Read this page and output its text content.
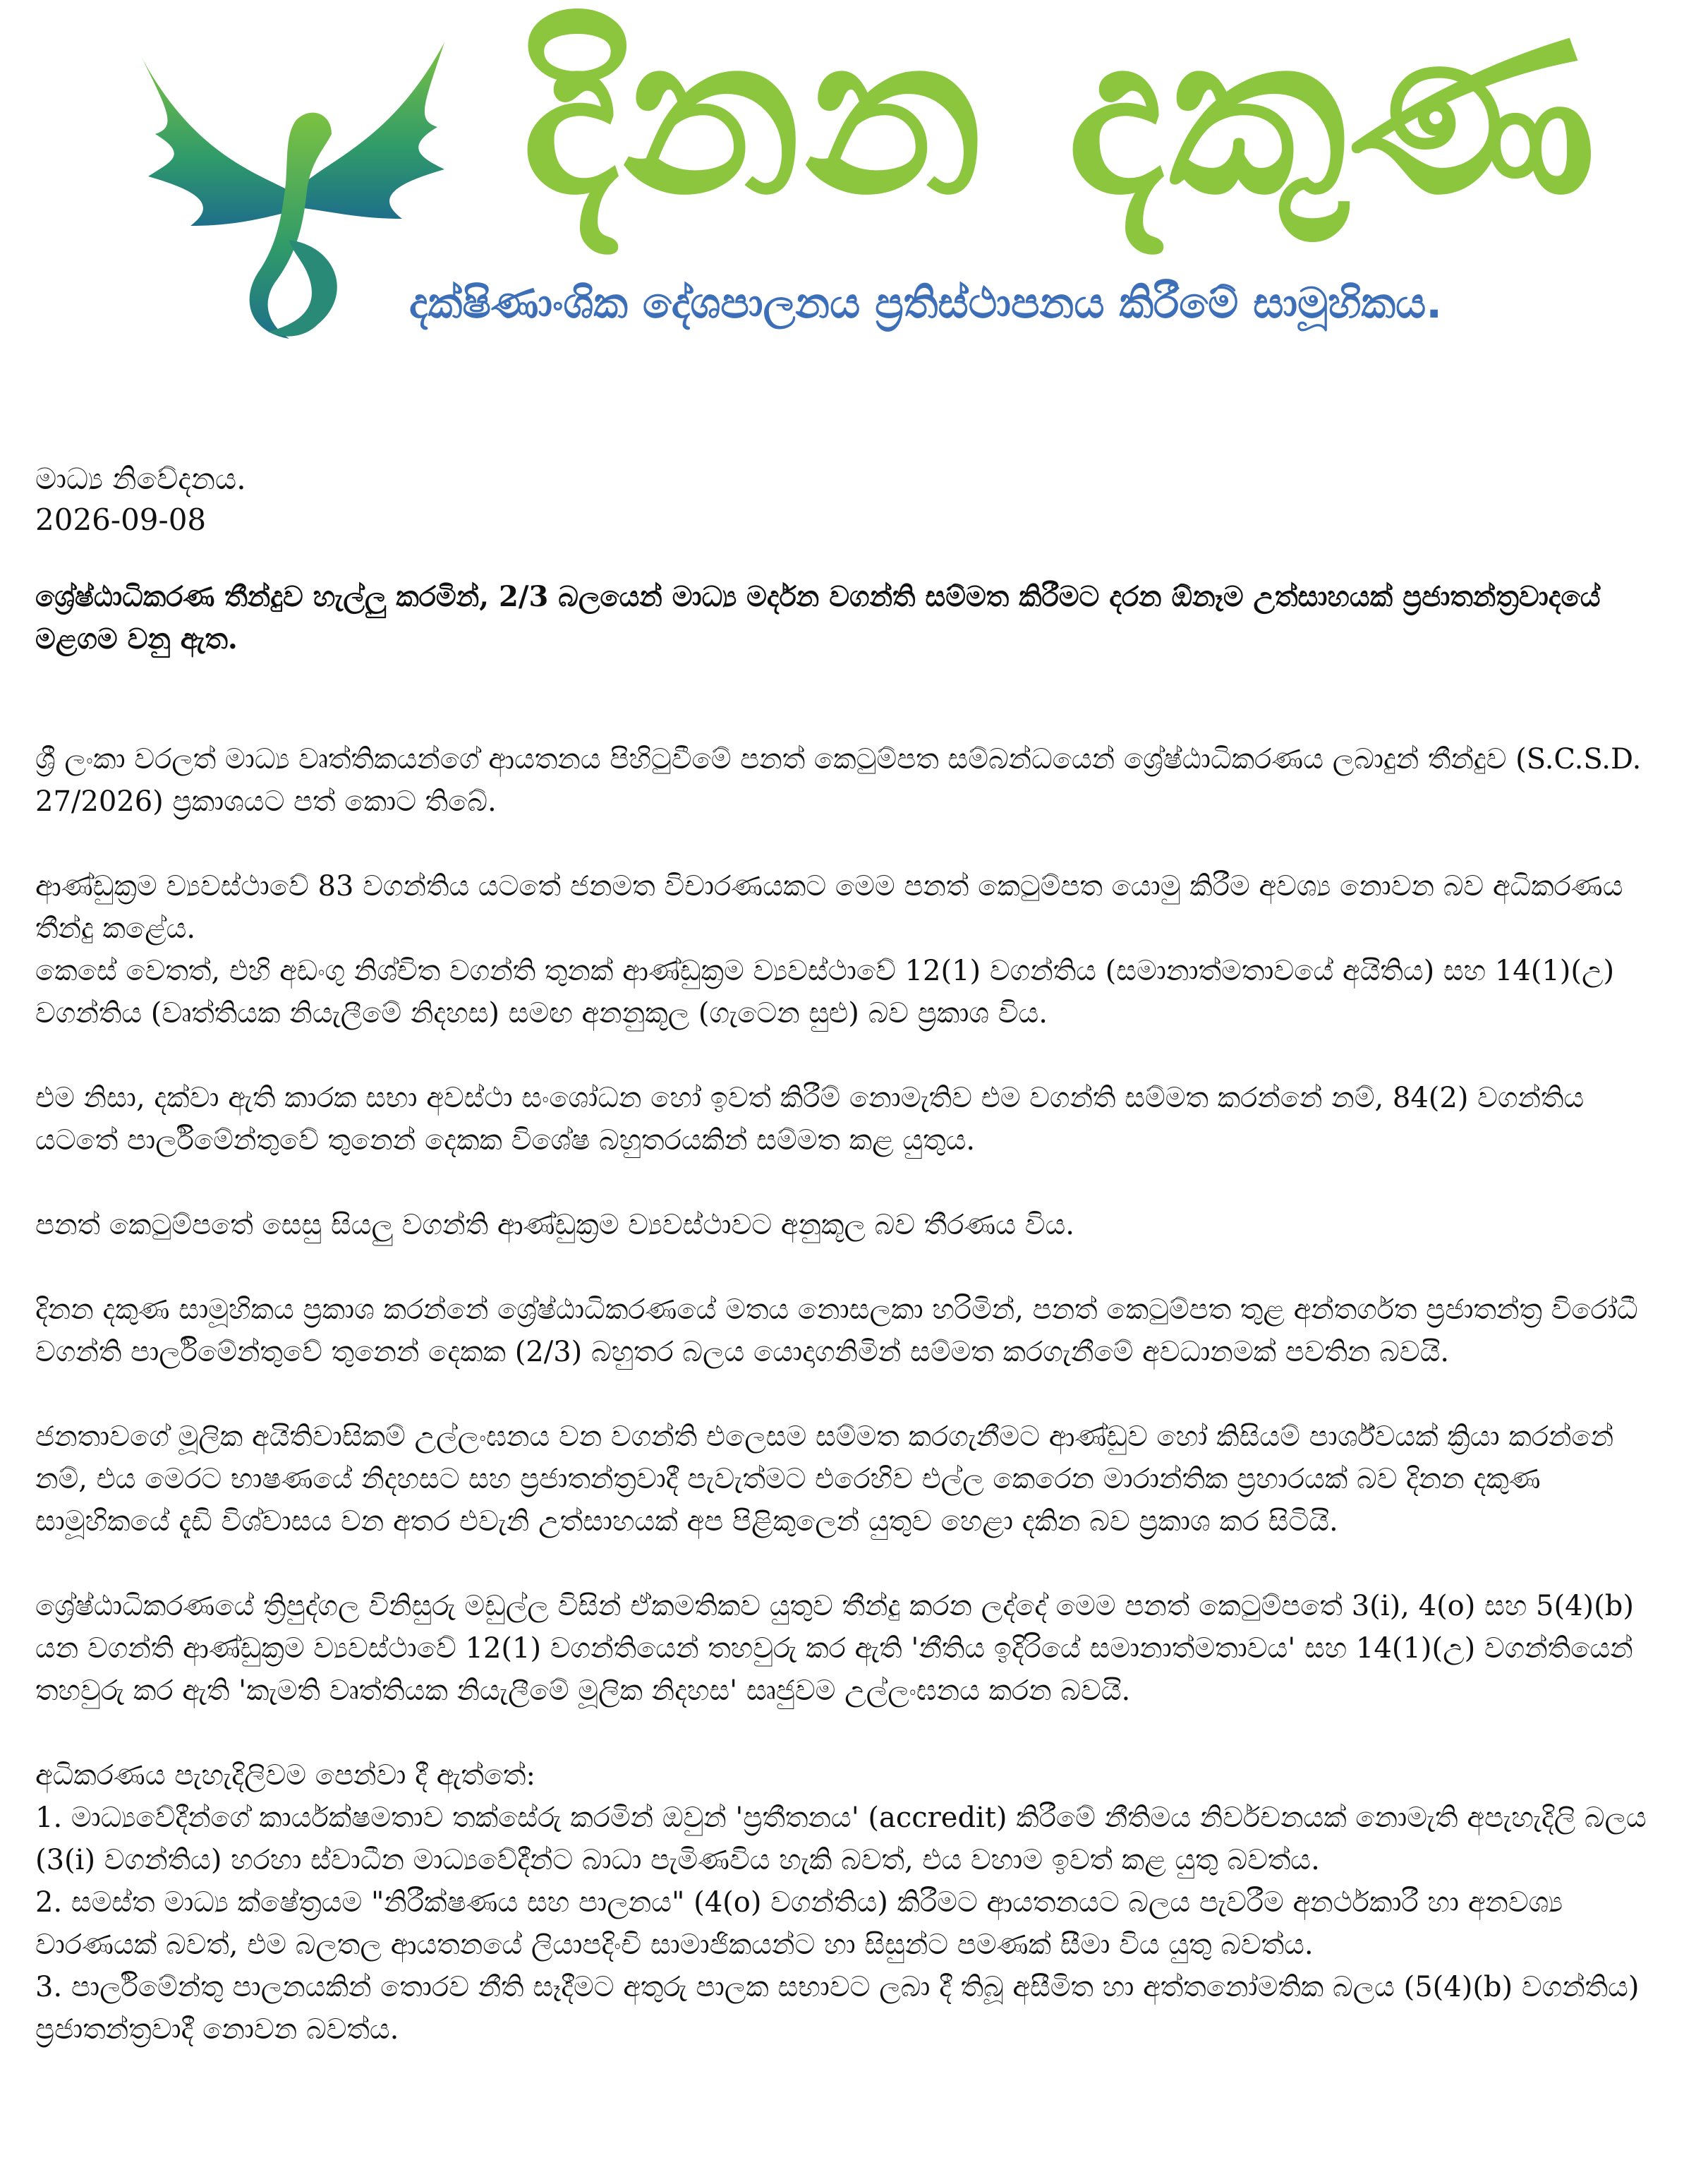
දිනන දකුණ
දක්ෂිණාංශික දේශපාලනය ප්‍රතිස්ථාපනය කිරීමේ සාමූහිකය.

මාධ්‍ය නිවේදනය.

2026-09-08

ශ්‍රේෂ්ඨාධිකරණ තීන්දුව හැල්ලු කරමින්, 2/3 බලයෙන් මාධ්‍ය මර්දන වගන්ති සම්මත කිරීමට දරන ඕනෑම උත්සාහයක් ප්‍රජාතන්ත්‍රවාදයේ මළගම වනු ඇත.

ශ්‍රී ලංකා වරලත් මාධ්‍ය වෘත්තිකයන්ගේ ආයතනය පිහිටුවීමේ පනත් කෙටුම්පත සම්බන්ධයෙන් ශ්‍රේෂ්ඨාධිකරණය ලබාදුන් තීන්දුව (S.C.S.D. 27/2026) ප්‍රකාශයට පත් කොට තිබේ.

ආණ්ඩුක්‍රම ව්‍යවස්ථාවේ 83 වගන්තිය යටතේ ජනමත විචාරණයකට මෙම පනත් කෙටුම්පත යොමු කිරීම අවශ්‍ය නොවන බව අධිකරණය තීන්දු කළේය.
කෙසේ වෙතත්, එහි අඩංගු නිශ්චිත වගන්ති තුනක් ආණ්ඩුක්‍රම ව්‍යවස්ථාවේ 12(1) වගන්තිය (සමානාත්මතාවයේ අයිතිය) සහ 14(1)(උ) වගන්තිය (වෘත්තියක නියැලීමේ නිදහස) සමඟ අනනුකූල (ගැටෙන සුළු) බව ප්‍රකාශ විය.

එම නිසා, දක්වා ඇති කාරක සභා අවස්ථා සංශෝධන හෝ ඉවත් කිරීම් නොමැතිව එම වගන්ති සම්මත කරන්නේ නම්, 84(2) වගන්තිය යටතේ පාර්ලිමේන්තුවේ තුනෙන් දෙකක විශේෂ බහුතරයකින් සම්මත කළ යුතුය.

පනත් කෙටුම්පතේ සෙසු සියලු වගන්ති ආණ්ඩුක්‍රම ව්‍යවස්ථාවට අනුකූල බව තීරණය විය.

දිනන දකුණ සාමූහිකය ප්‍රකාශ කරන්නේ ශ්‍රේෂ්ඨාධිකරණයේ මතය නොසලකා හරිමින්, පනත් කෙටුම්පත තුළ අන්තර්ගත ප්‍රජාතන්ත්‍ර විරෝධී වගන්ති පාර්ලිමේන්තුවේ තුනෙන් දෙකක (2/3) බහුතර බලය යොදාගනිමින් සම්මත කරගැනීමේ අවධානමක් පවතින බවයි.

ජනතාවගේ මූලික අයිතිවාසිකම් උල්ලංඝනය වන වගන්ති එලෙසම සම්මත කරගැනීමට ආණ්ඩුව හෝ කිසියම් පාර්ශ්වයක් ක්‍රියා කරන්නේ නම්, එය මෙරට භාෂණයේ නිදහසට සහ ප්‍රජාතන්ත්‍රවාදී පැවැත්මට එරෙහිව එල්ල කෙරෙන මාරාන්තික ප්‍රහාරයක් බව දිනන දකුණ සාමූහිකයේ දැඩි විශ්වාසය වන අතර එවැනි උත්සාහයක් අප පිළිකුලෙන් යුතුව හෙළා දකින බව ප්‍රකාශ කර සිටියි.

ශ්‍රේෂ්ඨාධිකරණයේ ත්‍රිපුද්ගල විනිසුරු මඩුල්ල විසින් ඒකමතිකව යුතුව තීන්දු කරන ලද්දේ මෙම පනත් කෙටුම්පතේ 3(i), 4(o) සහ 5(4)(b) යන වගන්ති ආණ්ඩුක්‍රම ව්‍යවස්ථාවේ 12(1) වගන්තියෙන් තහවුරු කර ඇති 'නීතිය ඉදිරියේ සමානාත්මතාවය' සහ 14(1)(උ) වගන්තියෙන් තහවුරු කර ඇති 'කැමති වෘත්තියක නියැලීමේ මූලික නිදහස' සෘජුවම උල්ලංඝනය කරන බවයි.

අධිකරණය පැහැදිලිවම පෙන්වා දී ඇත්තේ:

1. මාධ්‍යවේදීන්ගේ කාර්යක්ෂමතාව තක්සේරු කරමින් ඔවුන් 'ප්‍රතීතනය' (accredit) කිරීමේ නීතිමය නිර්වචනයක් නොමැති අපැහැදිලි බලය (3(i) වගන්තිය) හරහා ස්වාධීන මාධ්‍යවේදීන්ට බාධා පැමිණවිය හැකි බවත්, එය වහාම ඉවත් කළ යුතු බවත්ය.

2. සමස්ත මාධ්‍ය ක්ෂේත්‍රයම "නිරීක්ෂණය සහ පාලනය" (4(o) වගන්තිය) කිරීමට ආයතනයට බලය පැවරීම අනර්ථකාරී හා අනවශ්‍ය වාරණයක් බවත්, එම බලතල ආයතනයේ ලියාපදිංචි සාමාජිකයන්ට හා සිසුන්ට පමණක් සීමා විය යුතු බවත්ය.

3. පාර්ලිමේන්තු පාලනයකින් තොරව නීති සෑදීමට අතුරු පාලක සභාවට ලබා දී තිබූ අසීමිත හා අත්තනෝමතික බලය (5(4)(b) වගන්තිය) ප්‍රජාතන්ත්‍රවාදී නොවන බවත්ය.
